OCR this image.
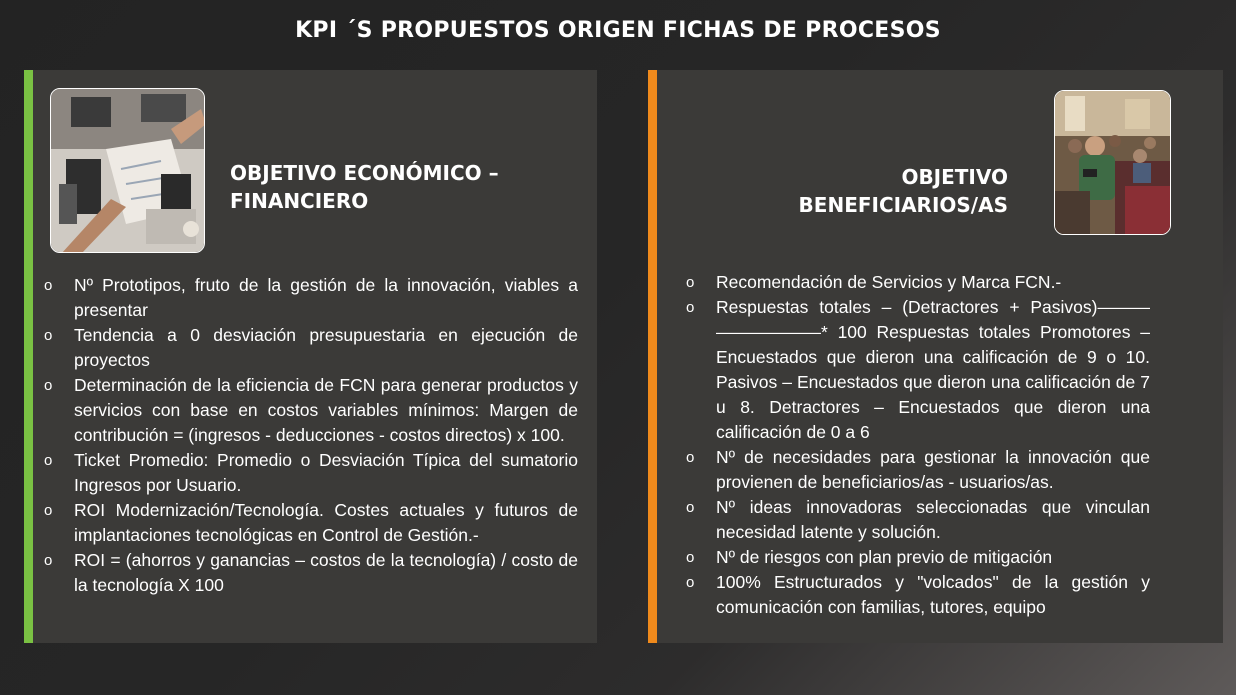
KPI ´S PROPUESTOS ORIGEN FICHAS DE PROCESOS
OBJETIVO ECONÓMICO –
FINANCIERO
o Nº Prototipos, fruto de la gestión de la innovación, viables a presentar
o Tendencia a 0 desviación presupuestaria en ejecución de proyectos
o Determinación de la eficiencia de FCN para generar productos y servicios con base en costos variables mínimos: Margen de contribución = (ingresos - deducciones - costos directos) x 100.
o Ticket Promedio: Promedio o Desviación Típica del sumatorio Ingresos por Usuario.
o ROI Modernización/Tecnología. Costes actuales y futuros de implantaciones tecnológicas en Control de Gestión.-
o ROI = (ahorros y ganancias – costos de la tecnología) / costo de la tecnología X 100
OBJETIVO
BENEFICIARIOS/AS
o Recomendación de Servicios y Marca FCN.-
o Respuestas totales – (Detractores + Pasivos)——— ——————* 100 Respuestas totales Promotores – Encuestados que dieron una calificación de 9 o 10. Pasivos – Encuestados que dieron una calificación de 7 u 8. Detractores – Encuestados que dieron una calificación de 0 a 6
o Nº de necesidades para gestionar la innovación que provienen de beneficiarios/as - usuarios/as.
o Nº ideas innovadoras seleccionadas que vinculan necesidad latente y solución.
o Nº de riesgos con plan previo de mitigación
o 100% Estructurados y "volcados" de la gestión y comunicación con familias, tutores, equipo
